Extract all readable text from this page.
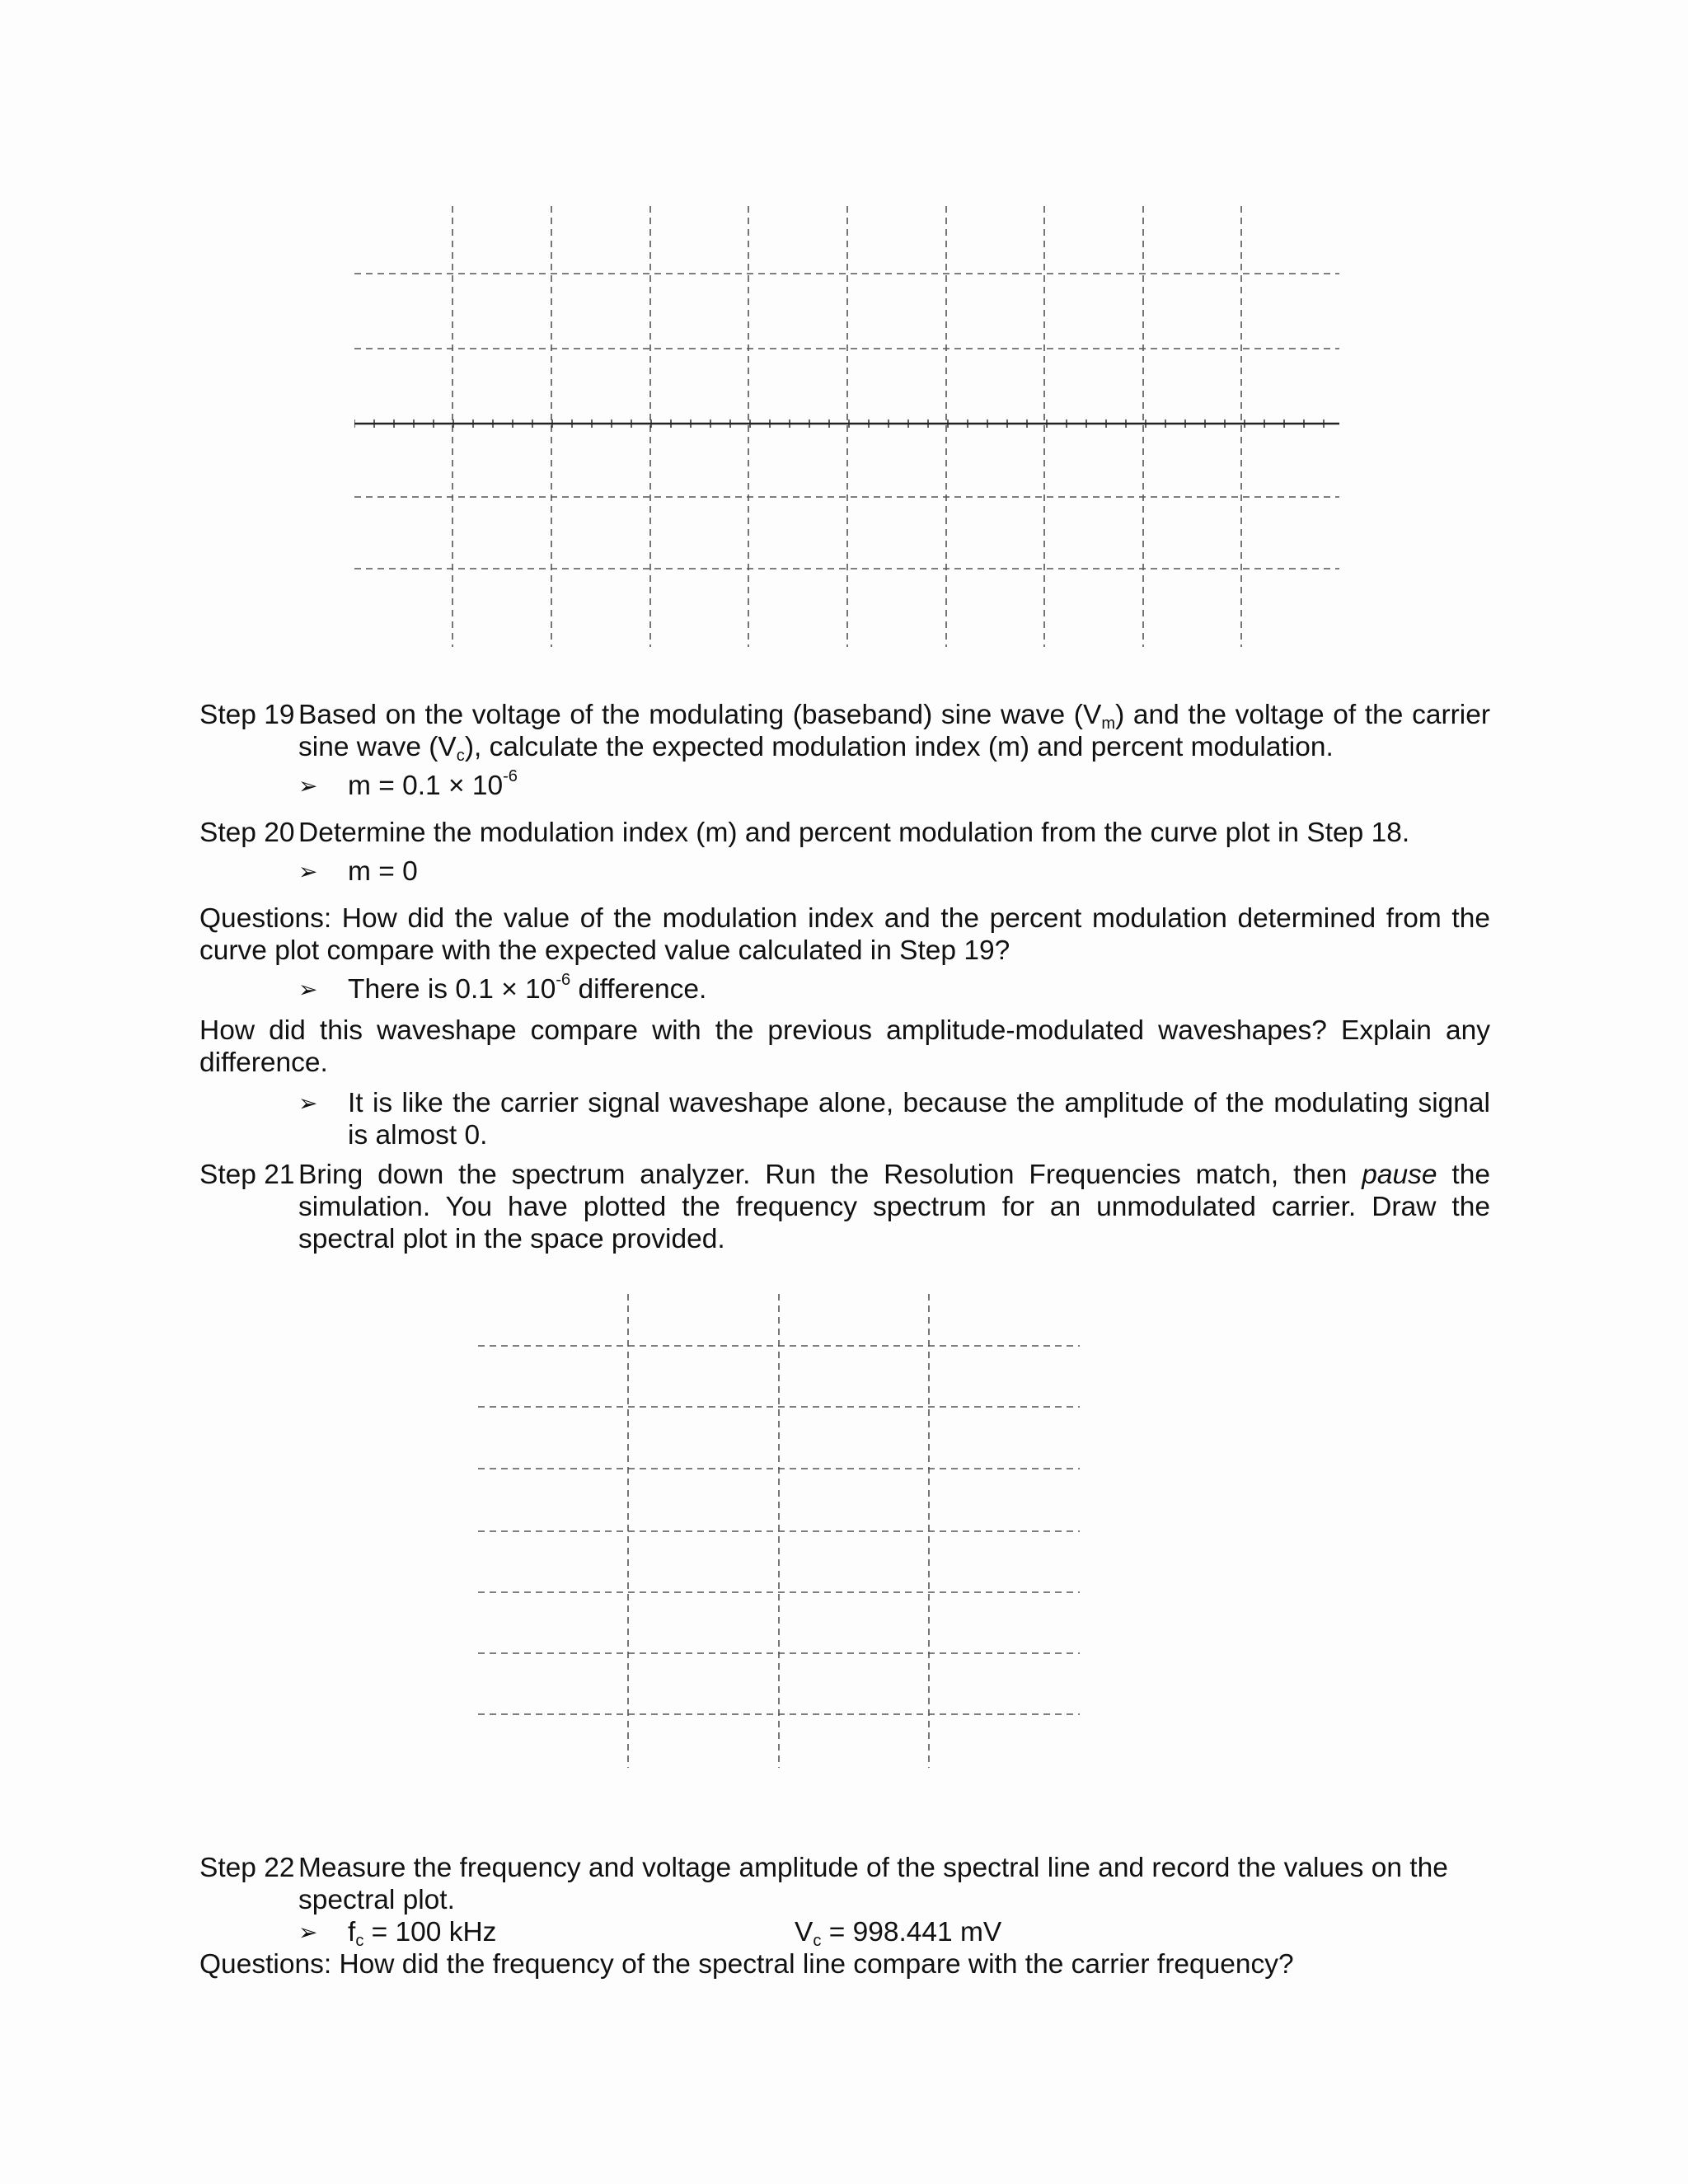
Step 19 Based on the voltage of the modulating (baseband) sine wave $(V_m)$ and the voltage of the carrier sine wave $(V_c)$, calculate the expected modulation index (m) and percent modulation.
➢	$m = 0.1 \times 10^{-6}$
Step 20 Determine the modulation index (m) and percent modulation from the curve plot in Step 18.
➢	m = 0

Questions: How did the value of the modulation index and the percent modulation determined from the curve plot compare with the expected value calculated in Step 19?

➢	There is $0.1 \times 10^{-6}$ difference.

How did this waveshape compare with the previous amplitude-modulated waveshapes? Explain any difference.

➢	It is like the carrier signal waveshape alone, because the amplitude of the modulating signal is almost 0.
Step 21 Bring down the spectrum analyzer. Run the Resolution Frequencies match, then pause the simulation. You have plotted the frequency spectrum for an unmodulated carrier. Draw the spectral plot in the space provided.
Step 22 Measure the frequency and voltage amplitude of the spectral line and record the values on the spectral plot.
➢ $f_c = 100$ kHz	$V_c = 998.441$ mV

Questions: How did the frequency of the spectral line compare with the carrier frequency?
